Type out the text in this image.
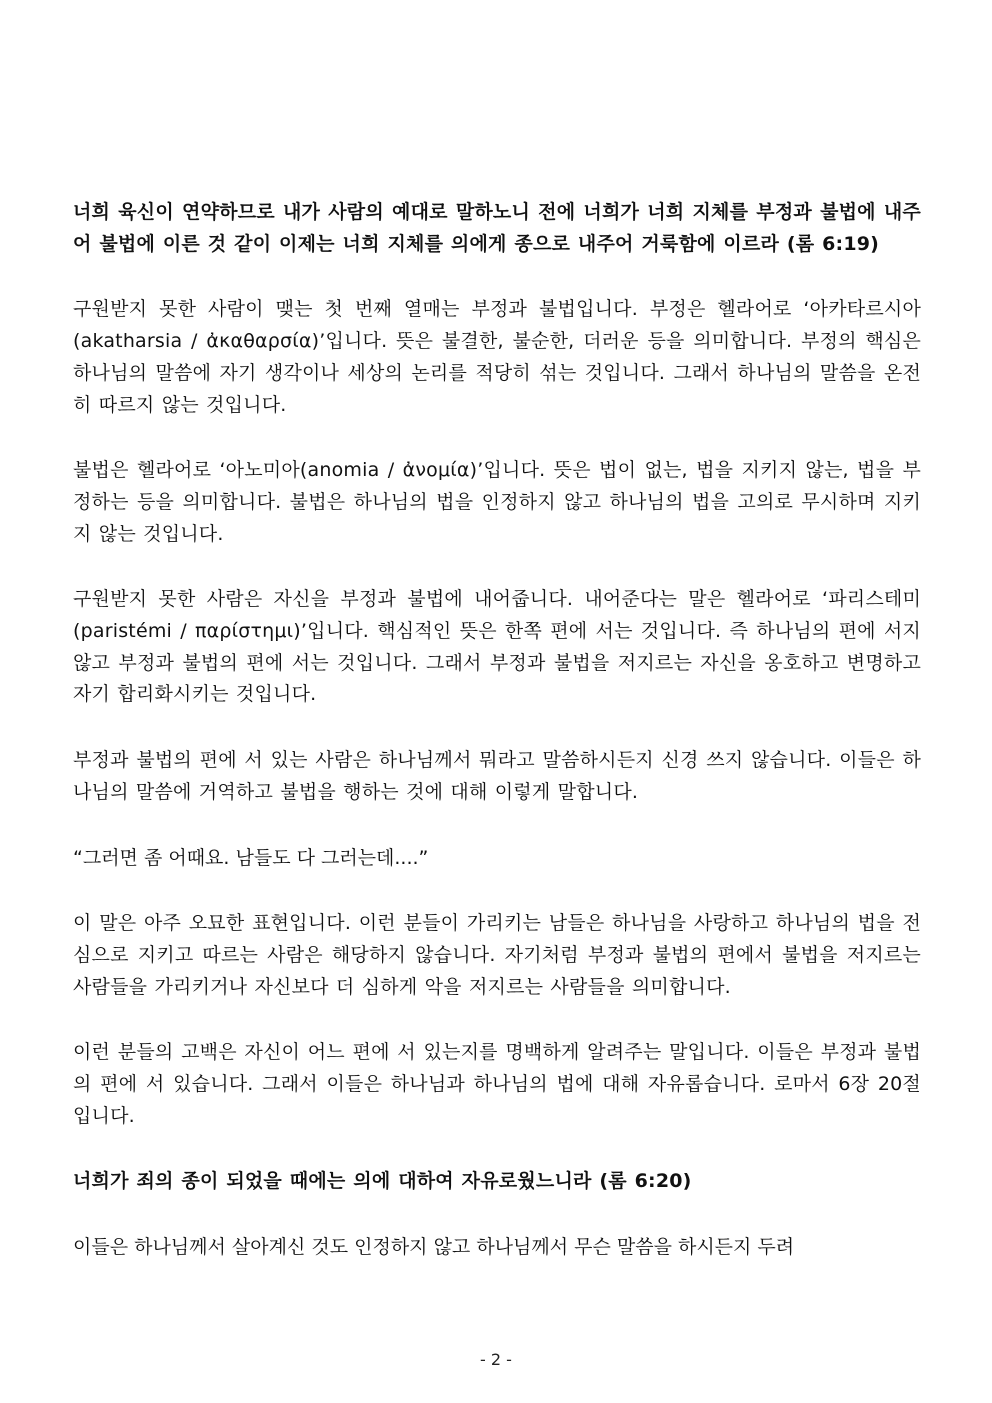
너희 육신이 연약하므로 내가 사람의 예대로 말하노니 전에 너희가 너희 지체를 부정과 불법에 내주어 불법에 이른 것 같이 이제는 너희 지체를 의에게 종으로 내주어 거룩함에 이르라 (롬 6:19)

구원받지 못한 사람이 맺는 첫 번째 열매는 부정과 불법입니다. 부정은 헬라어로 ‘아카타르시아(akatharsia / ἀκαθαρσία)’입니다. 뜻은 불결한, 불순한, 더러운 등을 의미합니다. 부정의 핵심은 하나님의 말씀에 자기 생각이나 세상의 논리를 적당히 섞는 것입니다. 그래서 하나님의 말씀을 온전히 따르지 않는 것입니다.

불법은 헬라어로 ‘아노미아(anomia / ἀνομία)’입니다. 뜻은 법이 없는, 법을 지키지 않는, 법을 부정하는 등을 의미합니다. 불법은 하나님의 법을 인정하지 않고 하나님의 법을 고의로 무시하며 지키지 않는 것입니다.

구원받지 못한 사람은 자신을 부정과 불법에 내어줍니다. 내어준다는 말은 헬라어로 ‘파리스테미(paristémi / παρίστημι)’입니다. 핵심적인 뜻은 한쪽 편에 서는 것입니다. 즉 하나님의 편에 서지 않고 부정과 불법의 편에 서는 것입니다. 그래서 부정과 불법을 저지르는 자신을 옹호하고 변명하고 자기 합리화시키는 것입니다.

부정과 불법의 편에 서 있는 사람은 하나님께서 뭐라고 말씀하시든지 신경 쓰지 않습니다. 이들은 하나님의 말씀에 거역하고 불법을 행하는 것에 대해 이렇게 말합니다.

“그러면 좀 어때요. 남들도 다 그러는데....”

이 말은 아주 오묘한 표현입니다. 이런 분들이 가리키는 남들은 하나님을 사랑하고 하나님의 법을 전심으로 지키고 따르는 사람은 해당하지 않습니다. 자기처럼 부정과 불법의 편에서 불법을 저지르는 사람들을 가리키거나 자신보다 더 심하게 악을 저지르는 사람들을 의미합니다.

이런 분들의 고백은 자신이 어느 편에 서 있는지를 명백하게 알려주는 말입니다. 이들은 부정과 불법의 편에 서 있습니다. 그래서 이들은 하나님과 하나님의 법에 대해 자유롭습니다. 로마서 6장 20절입니다.

너희가 죄의 종이 되었을 때에는 의에 대하여 자유로웠느니라 (롬 6:20)

이들은 하나님께서 살아계신 것도 인정하지 않고 하나님께서 무슨 말씀을 하시든지 두려

- 2 -
